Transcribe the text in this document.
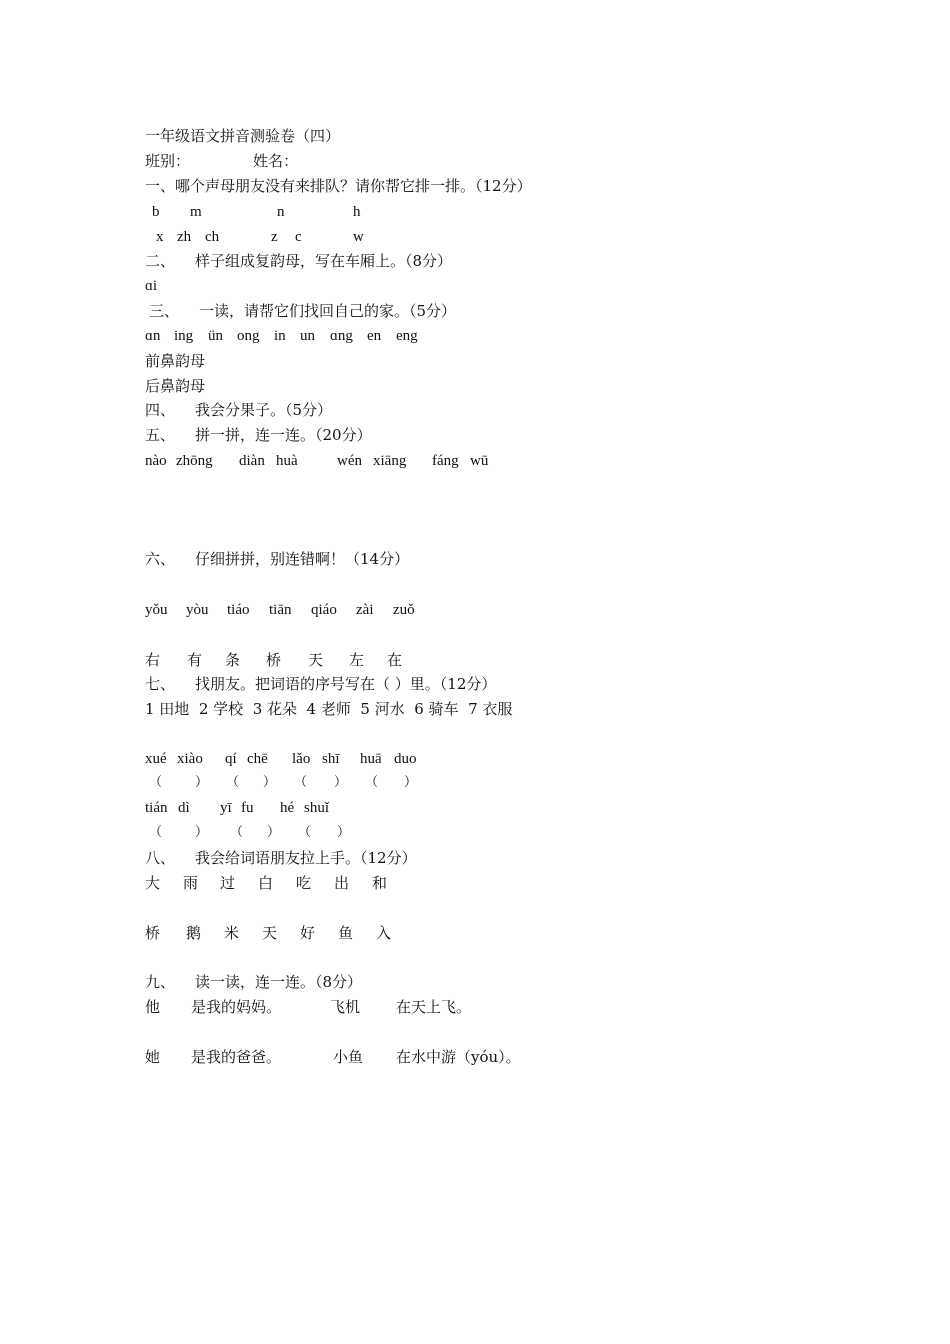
一年级语文拼音测验卷（四）
班别：	姓名：
一、哪个声母朋友没有来排队？请你帮它排一排。（12分）
b m	n	h
x zh ch	z c	w
二、 样子组成复韵母，写在车厢上。（8分）
ɑi
三、 一读，请帮它们找回自己的家。（5分）
ɑn ing ün ong in un ɑng en eng
前鼻韵母
后鼻韵母
四、 我会分果子。（5分）
五、 拼一拼，连一连。（20分）
nào zhōng diàn huà	wén xiāng fáng wū
六、 仔细拼拼，别连错啊！（14分）
yǒu yòu tiáo tiān qiáo zài zuǒ
右 有 条 桥 天 左 在
七、 找朋友。把词语的序号写在（ ）里。（12分）
1 田地  2 学校  3 花朵  4 老师  5 河水  6 骑车  7 衣服
xué xiào qí chē lǎo shī huā duo
（	） （ ） （ ） （ ）
tián dì yī fu hé shuǐ
（	） （ ） （ ）
八、 我会给词语朋友拉上手。（12分）
大 雨 过 白 吃 出 和
桥 鹅 米 天 好 鱼 入
九、 读一读，连一连。（8分）
他 是我的妈妈。	飞机 在天上飞。
她 是我的爸爸。	小鱼 在水中游（yóu）。
